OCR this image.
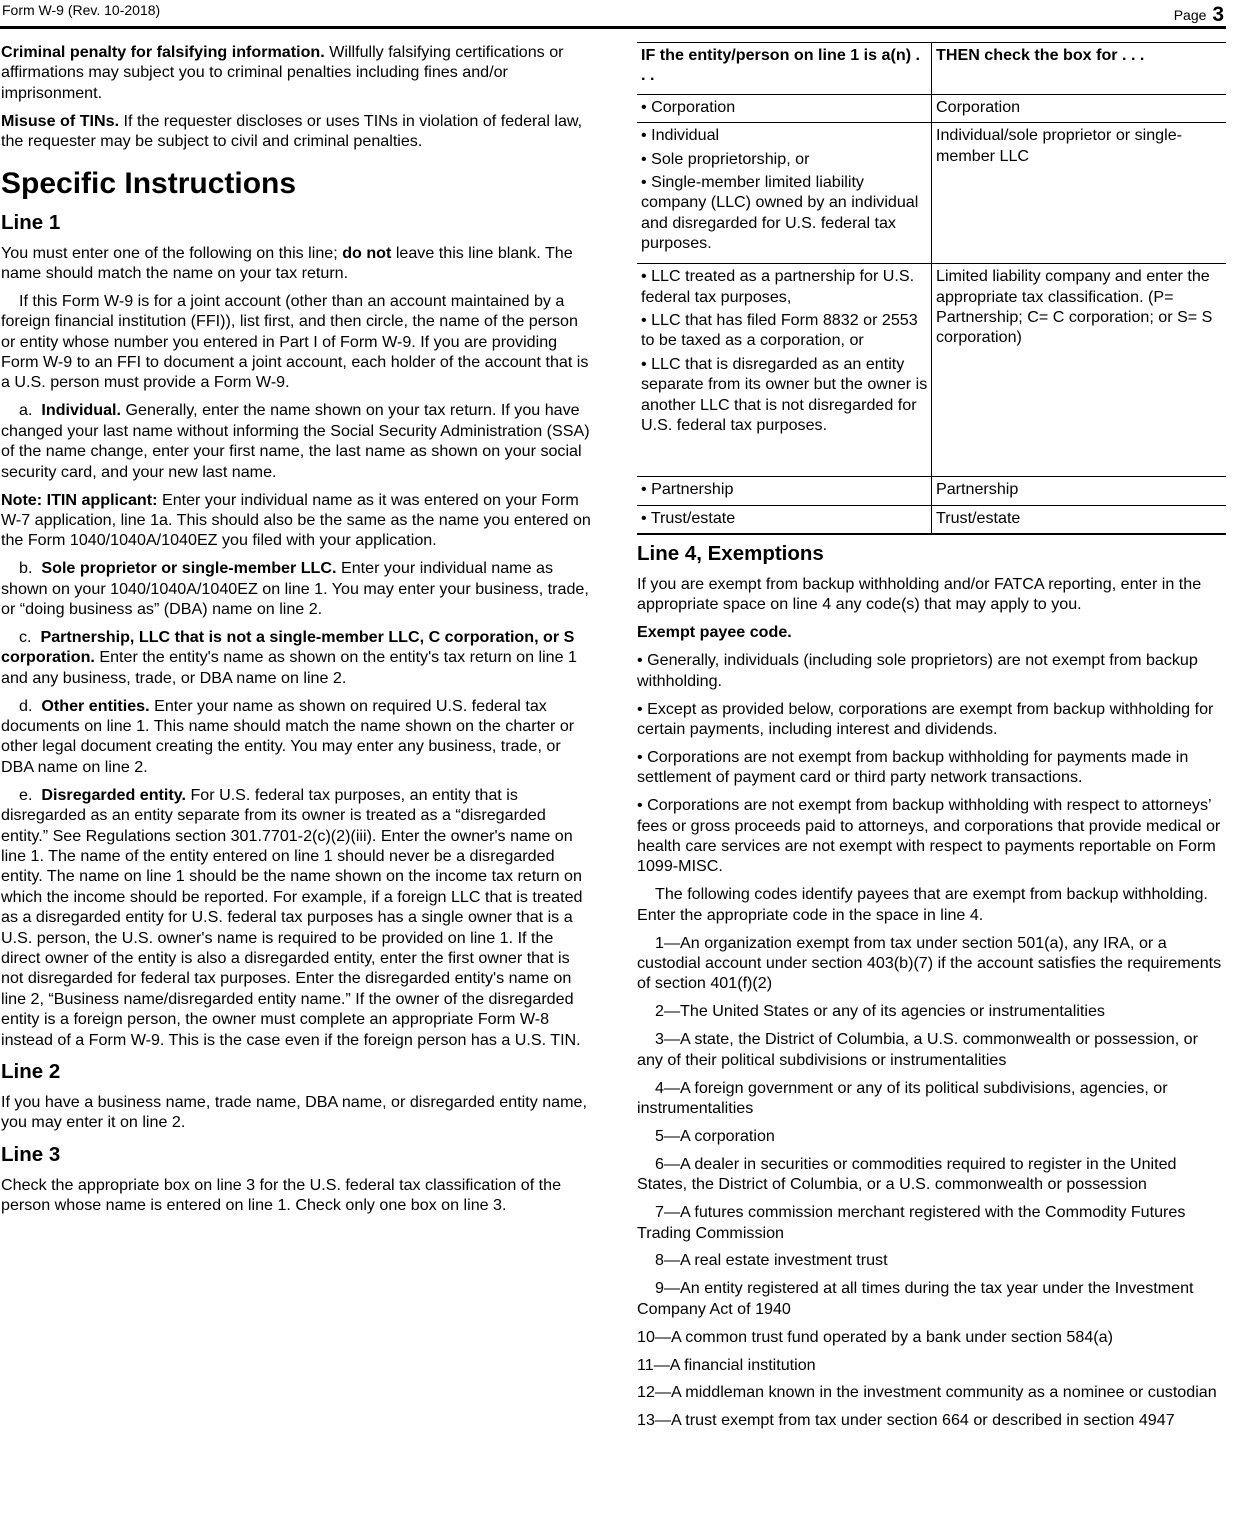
Form W-9 (Rev. 10-2018)	Page 3

Criminal penalty for falsifying information. Willfully falsifying certifications or affirmations may subject you to criminal penalties including fines and/or imprisonment.

Misuse of TINs. If the requester discloses or uses TINs in violation of federal law, the requester may be subject to civil and criminal penalties.

Specific Instructions
Line 1

You must enter one of the following on this line; do not leave this line blank. The name should match the name on your tax return.

If this Form W-9 is for a joint account (other than an account maintained by a foreign financial institution (FFI)), list first, and then circle, the name of the person or entity whose number you entered in Part I of Form W-9. If you are providing Form W-9 to an FFI to document a joint account, each holder of the account that is a U.S. person must provide a Form W-9.

a. Individual. Generally, enter the name shown on your tax return. If you have changed your last name without informing the Social Security Administration (SSA) of the name change, enter your first name, the last name as shown on your social security card, and your new last name.

Note: ITIN applicant: Enter your individual name as it was entered on your Form W-7 application, line 1a. This should also be the same as the name you entered on the Form 1040/1040A/1040EZ you filed with your application.

b. Sole proprietor or single-member LLC. Enter your individual name as shown on your 1040/1040A/1040EZ on line 1. You may enter your business, trade, or “doing business as” (DBA) name on line 2.

c. Partnership, LLC that is not a single-member LLC, C corporation, or S corporation. Enter the entity's name as shown on the entity's tax return on line 1 and any business, trade, or DBA name on line 2.

d. Other entities. Enter your name as shown on required U.S. federal tax documents on line 1. This name should match the name shown on the charter or other legal document creating the entity. You may enter any business, trade, or DBA name on line 2.

e. Disregarded entity. For U.S. federal tax purposes, an entity that is disregarded as an entity separate from its owner is treated as a “disregarded entity.” See Regulations section 301.7701-2(c)(2)(iii). Enter the owner's name on line 1. The name of the entity entered on line 1 should never be a disregarded entity. The name on line 1 should be the name shown on the income tax return on which the income should be reported. For example, if a foreign LLC that is treated as a disregarded entity for U.S. federal tax purposes has a single owner that is a U.S. person, the U.S. owner's name is required to be provided on line 1. If the direct owner of the entity is also a disregarded entity, enter the first owner that is not disregarded for federal tax purposes. Enter the disregarded entity's name on line 2, “Business name/disregarded entity name.” If the owner of the disregarded entity is a foreign person, the owner must complete an appropriate Form W-8 instead of a Form W-9. This is the case even if the foreign person has a U.S. TIN.

Line 2

If you have a business name, trade name, DBA name, or disregarded entity name, you may enter it on line 2.

Line 3

Check the appropriate box on line 3 for the U.S. federal tax classification of the person whose name is entered on line 1. Check only one box on line 3.

IF the entity/person on line 1 is a(n) . . .	THEN check the box for . . .
• Corporation	Corporation

• Individual
• Sole proprietorship, or
• Single-member limited liability company (LLC) owned by an individual and disregarded for U.S. federal tax purposes.	Individual/sole proprietor or single-member LLC

• LLC treated as a partnership for U.S. federal tax purposes,
• LLC that has filed Form 8832 or 2553 to be taxed as a corporation, or
• LLC that is disregarded as an entity separate from its owner but the owner is another LLC that is not disregarded for U.S. federal tax purposes.	Limited liability company and enter the appropriate tax classification. (P= Partnership; C= C corporation; or S= S corporation)
• Partnership	Partnership
• Trust/estate	Trust/estate
Line 4, Exemptions

If you are exempt from backup withholding and/or FATCA reporting, enter in the appropriate space on line 4 any code(s) that may apply to you.

Exempt payee code.

• Generally, individuals (including sole proprietors) are not exempt from backup withholding.

• Except as provided below, corporations are exempt from backup withholding for certain payments, including interest and dividends.

• Corporations are not exempt from backup withholding for payments made in settlement of payment card or third party network transactions.

• Corporations are not exempt from backup withholding with respect to attorneys’ fees or gross proceeds paid to attorneys, and corporations that provide medical or health care services are not exempt with respect to payments reportable on Form 1099-MISC.

The following codes identify payees that are exempt from backup withholding. Enter the appropriate code in the space in line 4.

1—An organization exempt from tax under section 501(a), any IRA, or a custodial account under section 403(b)(7) if the account satisfies the requirements of section 401(f)(2)

2—The United States or any of its agencies or instrumentalities

3—A state, the District of Columbia, a U.S. commonwealth or possession, or any of their political subdivisions or instrumentalities

4—A foreign government or any of its political subdivisions, agencies, or instrumentalities

5—A corporation

6—A dealer in securities or commodities required to register in the United States, the District of Columbia, or a U.S. commonwealth or possession

7—A futures commission merchant registered with the Commodity Futures Trading Commission

8—A real estate investment trust

9—An entity registered at all times during the tax year under the Investment Company Act of 1940

10—A common trust fund operated by a bank under section 584(a)

11—A financial institution

12—A middleman known in the investment community as a nominee or custodian

13—A trust exempt from tax under section 664 or described in section 4947
